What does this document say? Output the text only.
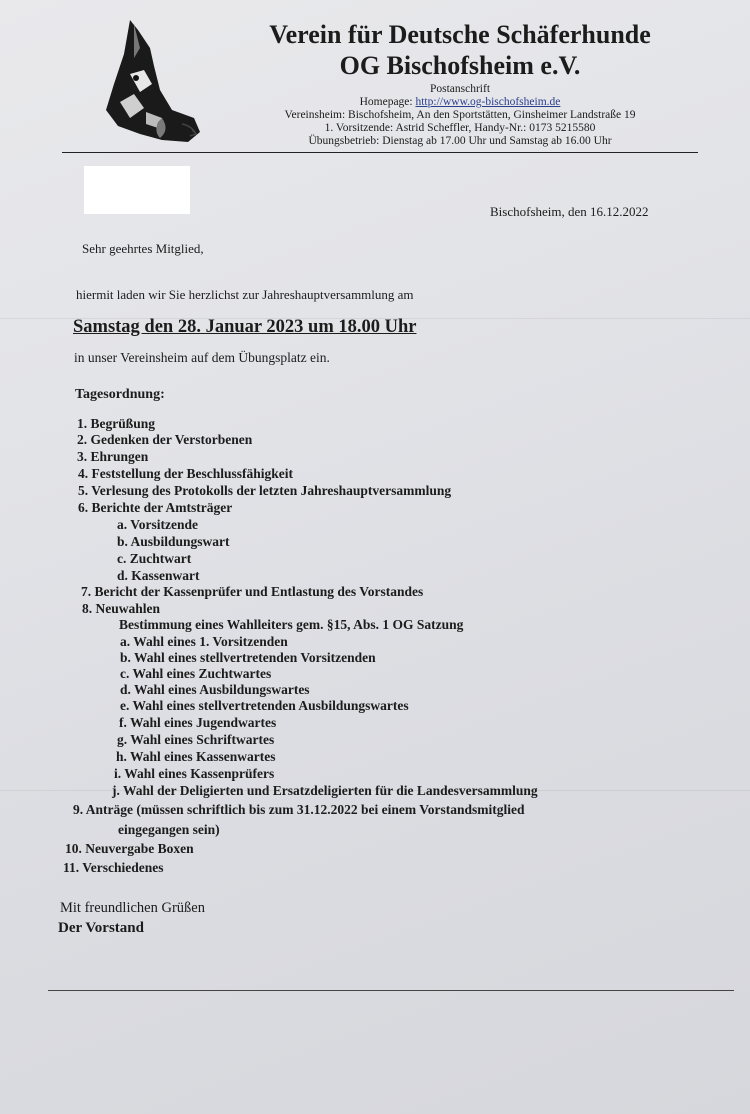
Verein für Deutsche Schäferhunde
OG Bischofsheim e.V.
Postanschrift
Homepage: http://www.og-bischofsheim.de
Vereinsheim: Bischofsheim, An den Sportstätten, Ginsheimer Landstraße 19
1. Vorsitzende: Astrid Scheffler, Handy-Nr.: 0173 5215580
Übungsbetrieb: Dienstag ab 17.00 Uhr und Samstag ab 16.00 Uhr
Bischofsheim, den 16.12.2022
Sehr geehrtes Mitglied,
hiermit laden wir Sie herzlichst zur Jahreshauptversammlung am
Samstag den 28. Januar 2023 um 18.00 Uhr
in unser Vereinsheim auf dem Übungsplatz ein.
Tagesordnung:
1. Begrüßung
2. Gedenken der Verstorbenen
3. Ehrungen
4. Feststellung der Beschlussfähigkeit
5. Verlesung des Protokolls der letzten Jahreshauptversammlung
6. Berichte der Amtsträger
a. Vorsitzende
b. Ausbildungswart
c. Zuchtwart
d. Kassenwart
7. Bericht der Kassenprüfer und Entlastung des Vorstandes
8. Neuwahlen
Bestimmung eines Wahlleiters gem. §15, Abs. 1 OG Satzung
a. Wahl eines 1. Vorsitzenden
b. Wahl eines stellvertretenden Vorsitzenden
c. Wahl eines Zuchtwartes
d. Wahl eines Ausbildungswartes
e. Wahl eines stellvertretenden Ausbildungswartes
f. Wahl eines Jugendwartes
g. Wahl eines Schriftwartes
h. Wahl eines Kassenwartes
i. Wahl eines Kassenprüfers
j. Wahl der Deligierten und Ersatzdeligierten für die Landesversammlung
9. Anträge (müssen schriftlich bis zum 31.12.2022 bei einem Vorstandsmitglied
eingegangen sein)
10. Neuvergabe Boxen
11. Verschiedenes
Mit freundlichen Grüßen
Der Vorstand
